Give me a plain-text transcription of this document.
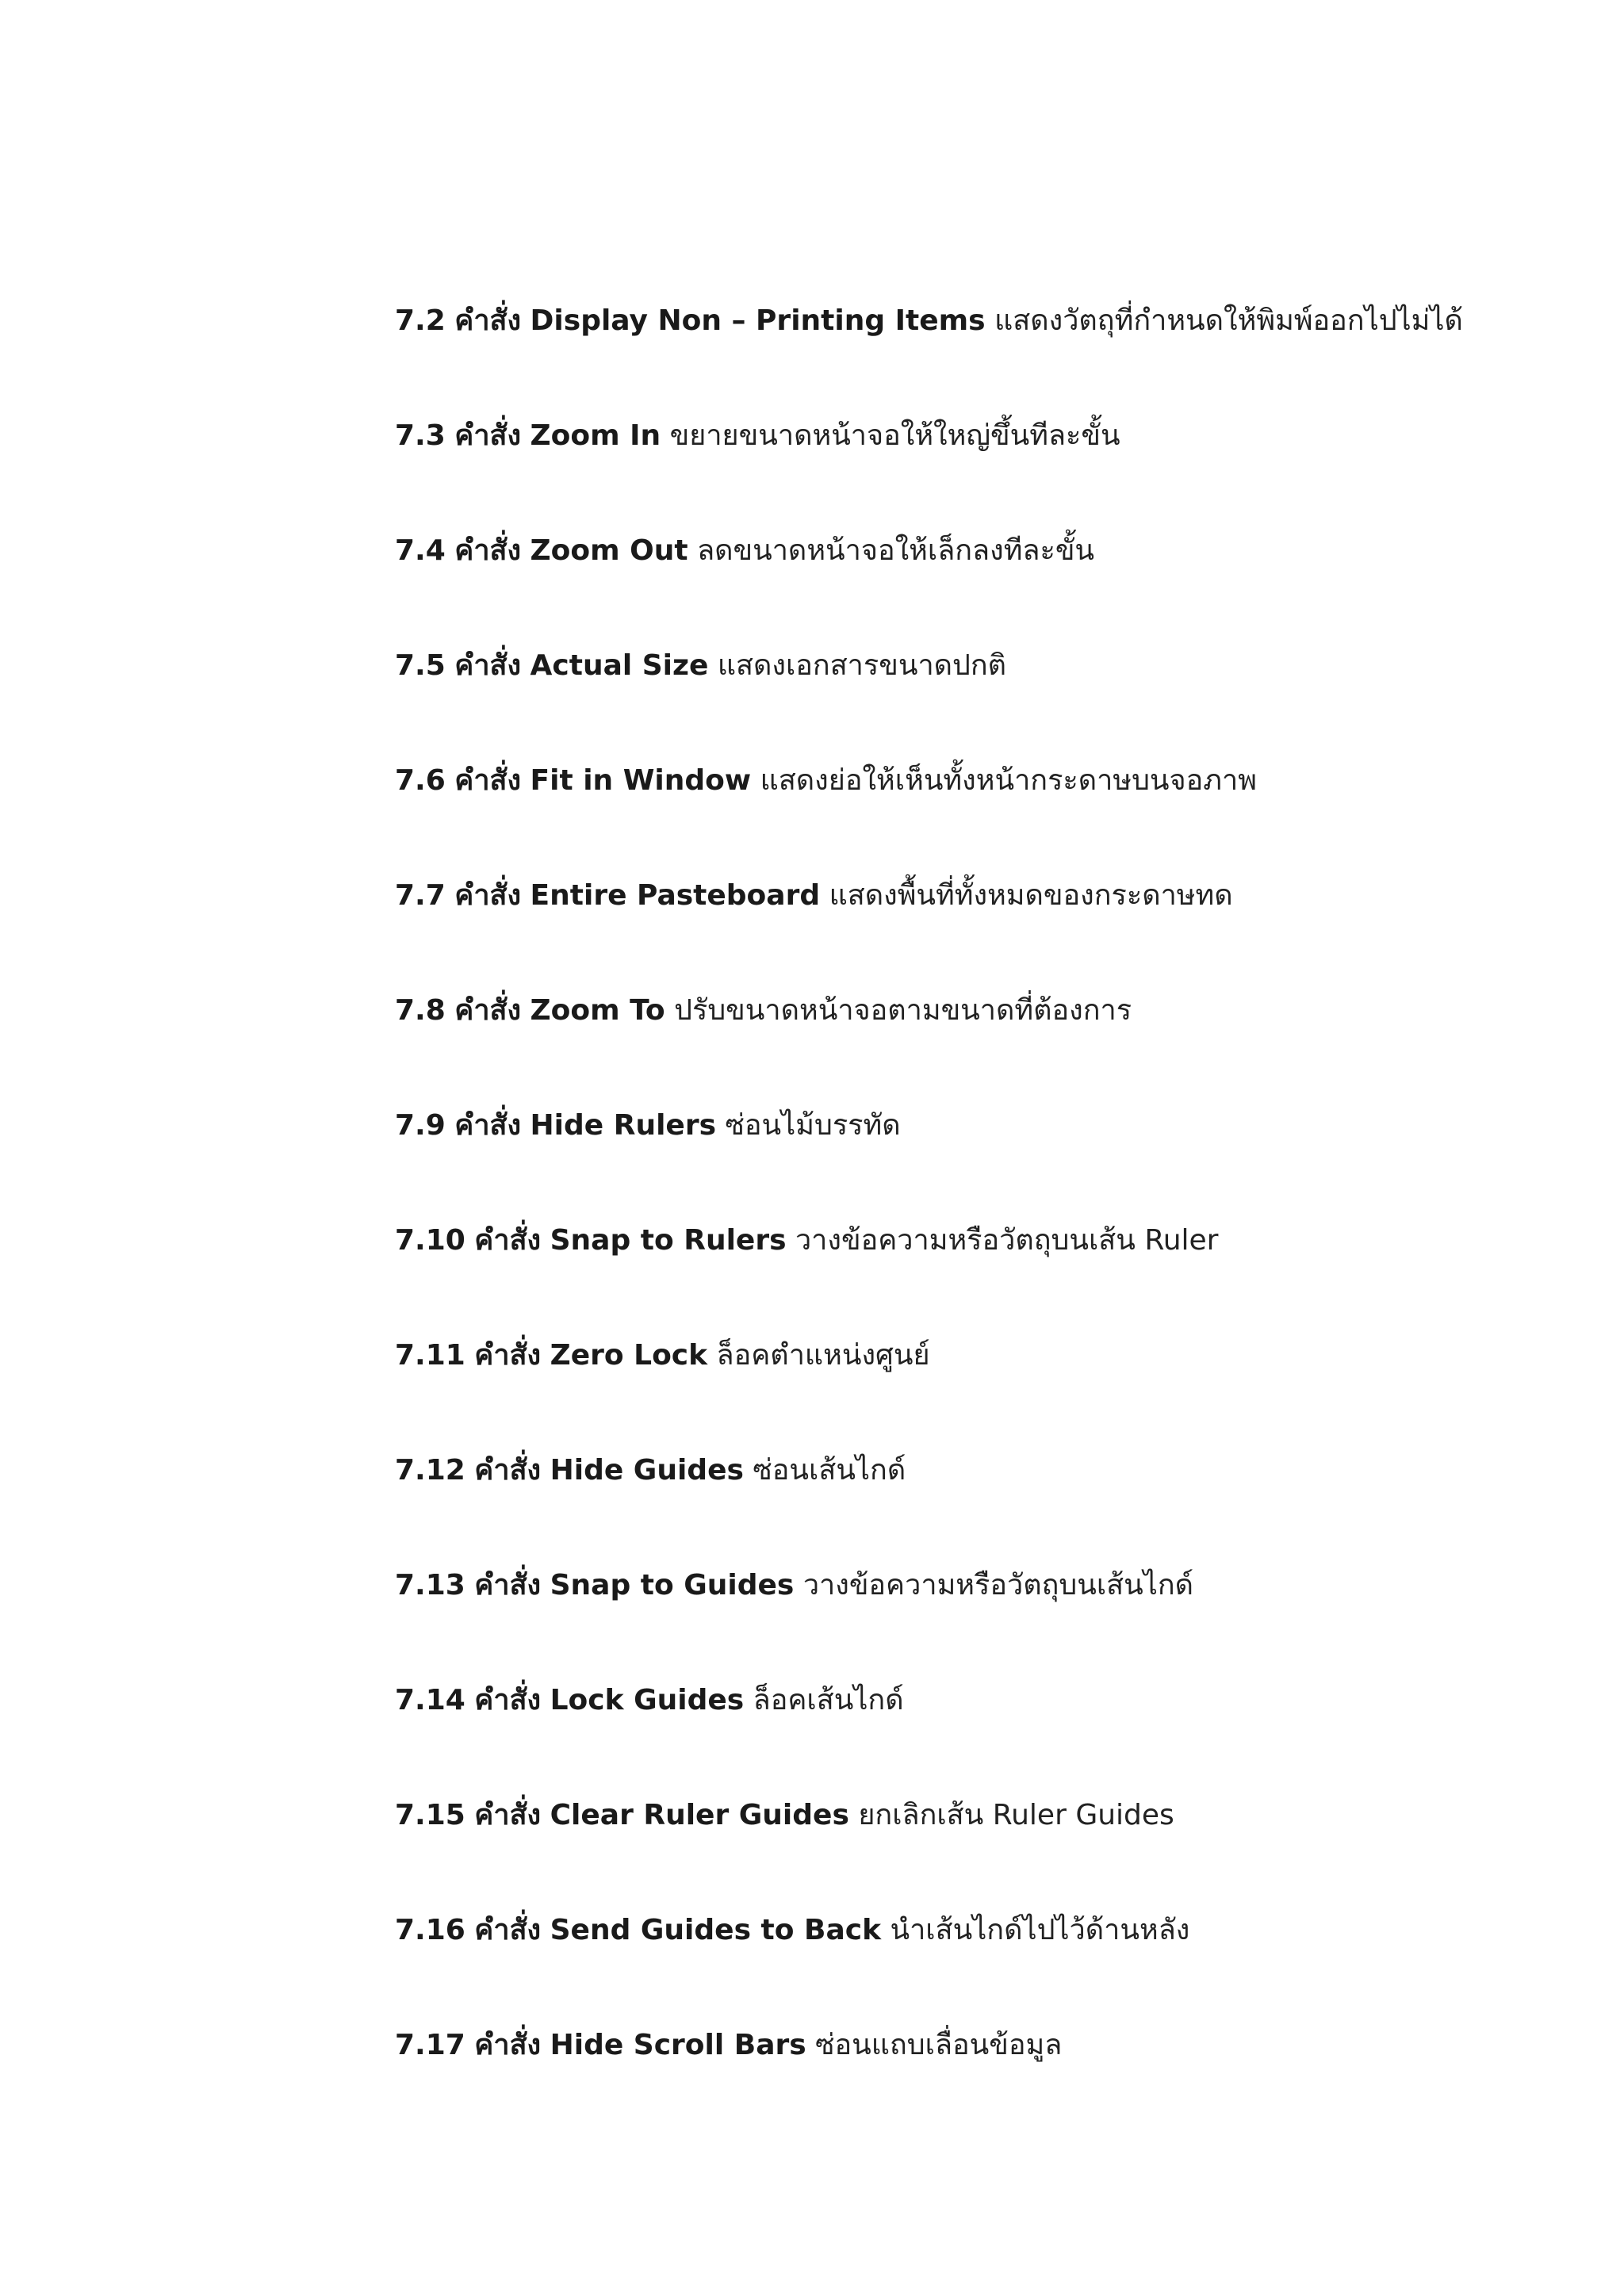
7.2 คำสั่ง Display Non – Printing Items แสดงวัตถุที่กำหนดให้พิมพ์ออกไปไม่ได้
7.3 คำสั่ง Zoom In ขยายขนาดหน้าจอให้ใหญ่ขึ้นทีละขั้น
7.4 คำสั่ง Zoom Out ลดขนาดหน้าจอให้เล็กลงทีละขั้น
7.5 คำสั่ง Actual Size แสดงเอกสารขนาดปกติ
7.6 คำสั่ง Fit in Window แสดงย่อให้เห็นทั้งหน้ากระดาษบนจอภาพ
7.7 คำสั่ง Entire Pasteboard แสดงพื้นที่ทั้งหมดของกระดาษทด
7.8 คำสั่ง Zoom To ปรับขนาดหน้าจอตามขนาดที่ต้องการ
7.9 คำสั่ง Hide Rulers ซ่อนไม้บรรทัด
7.10 คำสั่ง Snap to Rulers วางข้อความหรือวัตถุบนเส้น Ruler
7.11 คำสั่ง Zero Lock ล็อคตำแหน่งศูนย์
7.12 คำสั่ง Hide Guides ซ่อนเส้นไกด์
7.13 คำสั่ง Snap to Guides วางข้อความหรือวัตถุบนเส้นไกด์
7.14 คำสั่ง Lock Guides ล็อคเส้นไกด์
7.15 คำสั่ง Clear Ruler Guides ยกเลิกเส้น Ruler Guides
7.16 คำสั่ง Send Guides to Back นำเส้นไกด์ไปไว้ด้านหลัง
7.17 คำสั่ง Hide Scroll Bars ซ่อนแถบเลื่อนข้อมูล
